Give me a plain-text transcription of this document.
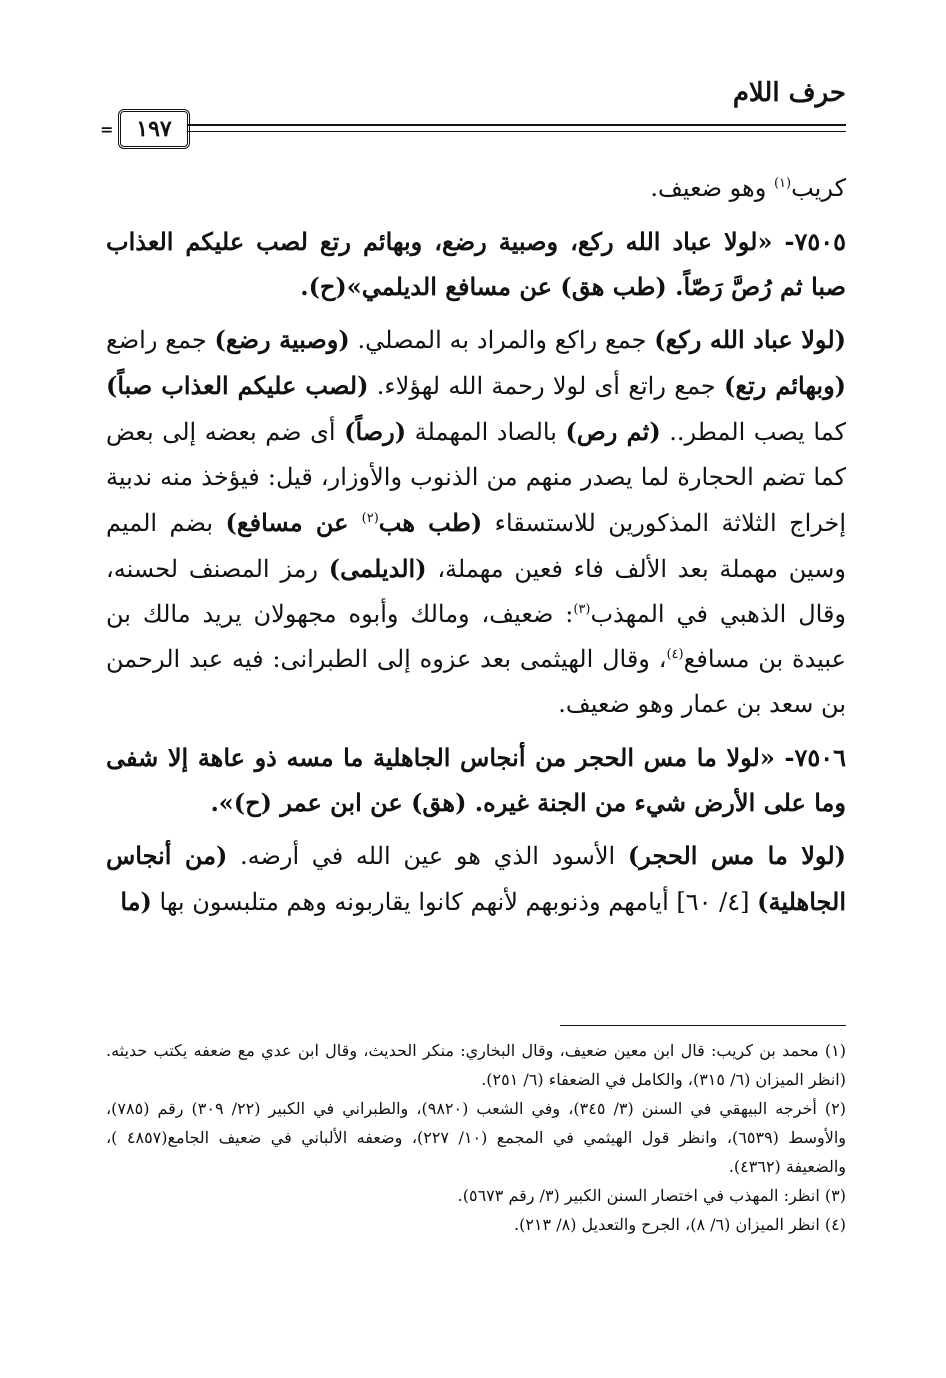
حرف اللام
= ١٩٧

كريب$^{(١)}$ وهو ضعيف.

٧٥٠٥- «لولا عباد الله ركع، وصبية رضع، وبهائم رتع لصب عليكم العذاب صبا ثم رُصَّ رَصّاً. (طب هق) عن مسافع الديلمي»(ح).

(لولا عباد الله ركع) جمع راكع والمراد به المصلي. (وصبية رضع) جمع راضع (وبهائم رتع) جمع راتع أى لولا رحمة الله لهؤلاء. (لصب عليكم العذاب صباً) كما يصب المطر.. (ثم رص) بالصاد المهملة (رصاً) أى ضم بعضه إلى بعض كما تضم الحجارة لما يصدر منهم من الذنوب والأوزار، قيل: فيؤخذ منه ندبية إخراج الثلاثة المذكورين للاستسقاء (طب هب$^{(٢)}$ عن مسافع) بضم الميم وسين مهملة بعد الألف فاء فعين مهملة، (الديلمى) رمز المصنف لحسنه، وقال الذهبي في المهذب$^{(٣)}$: ضعيف، ومالك وأبوه مجهولان يريد مالك بن عبيدة بن مسافع$^{(٤)}$، وقال الهيثمى بعد عزوه إلى الطبرانى: فيه عبد الرحمن بن سعد بن عمار وهو ضعيف.

٧٥٠٦- «لولا ما مس الحجر من أنجاس الجاهلية ما مسه ذو عاهة إلا شفى وما على الأرض شيء من الجنة غيره. (هق) عن ابن عمر (ح)».

(لولا ما مس الحجر) الأسود الذي هو عين الله في أرضه. (من أنجاس الجاهلية) [٤/ ٦٠] أيامهم وذنوبهم لأنهم كانوا يقاربونه وهم متلبسون بها (ما

(١) محمد بن كريب: قال ابن معين ضعيف، وقال البخاري: منكر الحديث، وقال ابن عدي مع ضعفه يكتب حديثه. (انظر الميزان (٦/ ٣١٥)، والكامل في الضعفاء (٦/ ٢٥١).

(٢) أخرجه البيهقي في السنن (٣/ ٣٤٥)، وفي الشعب (٩٨٢٠)، والطبراني في الكبير (٢٢/ ٣٠٩) رقم (٧٨٥)، والأوسط (٦٥٣٩)، وانظر قول الهيثمي في المجمع (١٠/ ٢٢٧)، وضعفه الألباني في ضعيف الجامع(٤٨٥٧ )، والضعيفة (٤٣٦٢).

(٣) انظر: المهذب في اختصار السنن الكبير (٣/ رقم ٥٦٧٣).

(٤) انظر الميزان (٦/ ٨)، الجرح والتعديل (٨/ ٢١٣).
